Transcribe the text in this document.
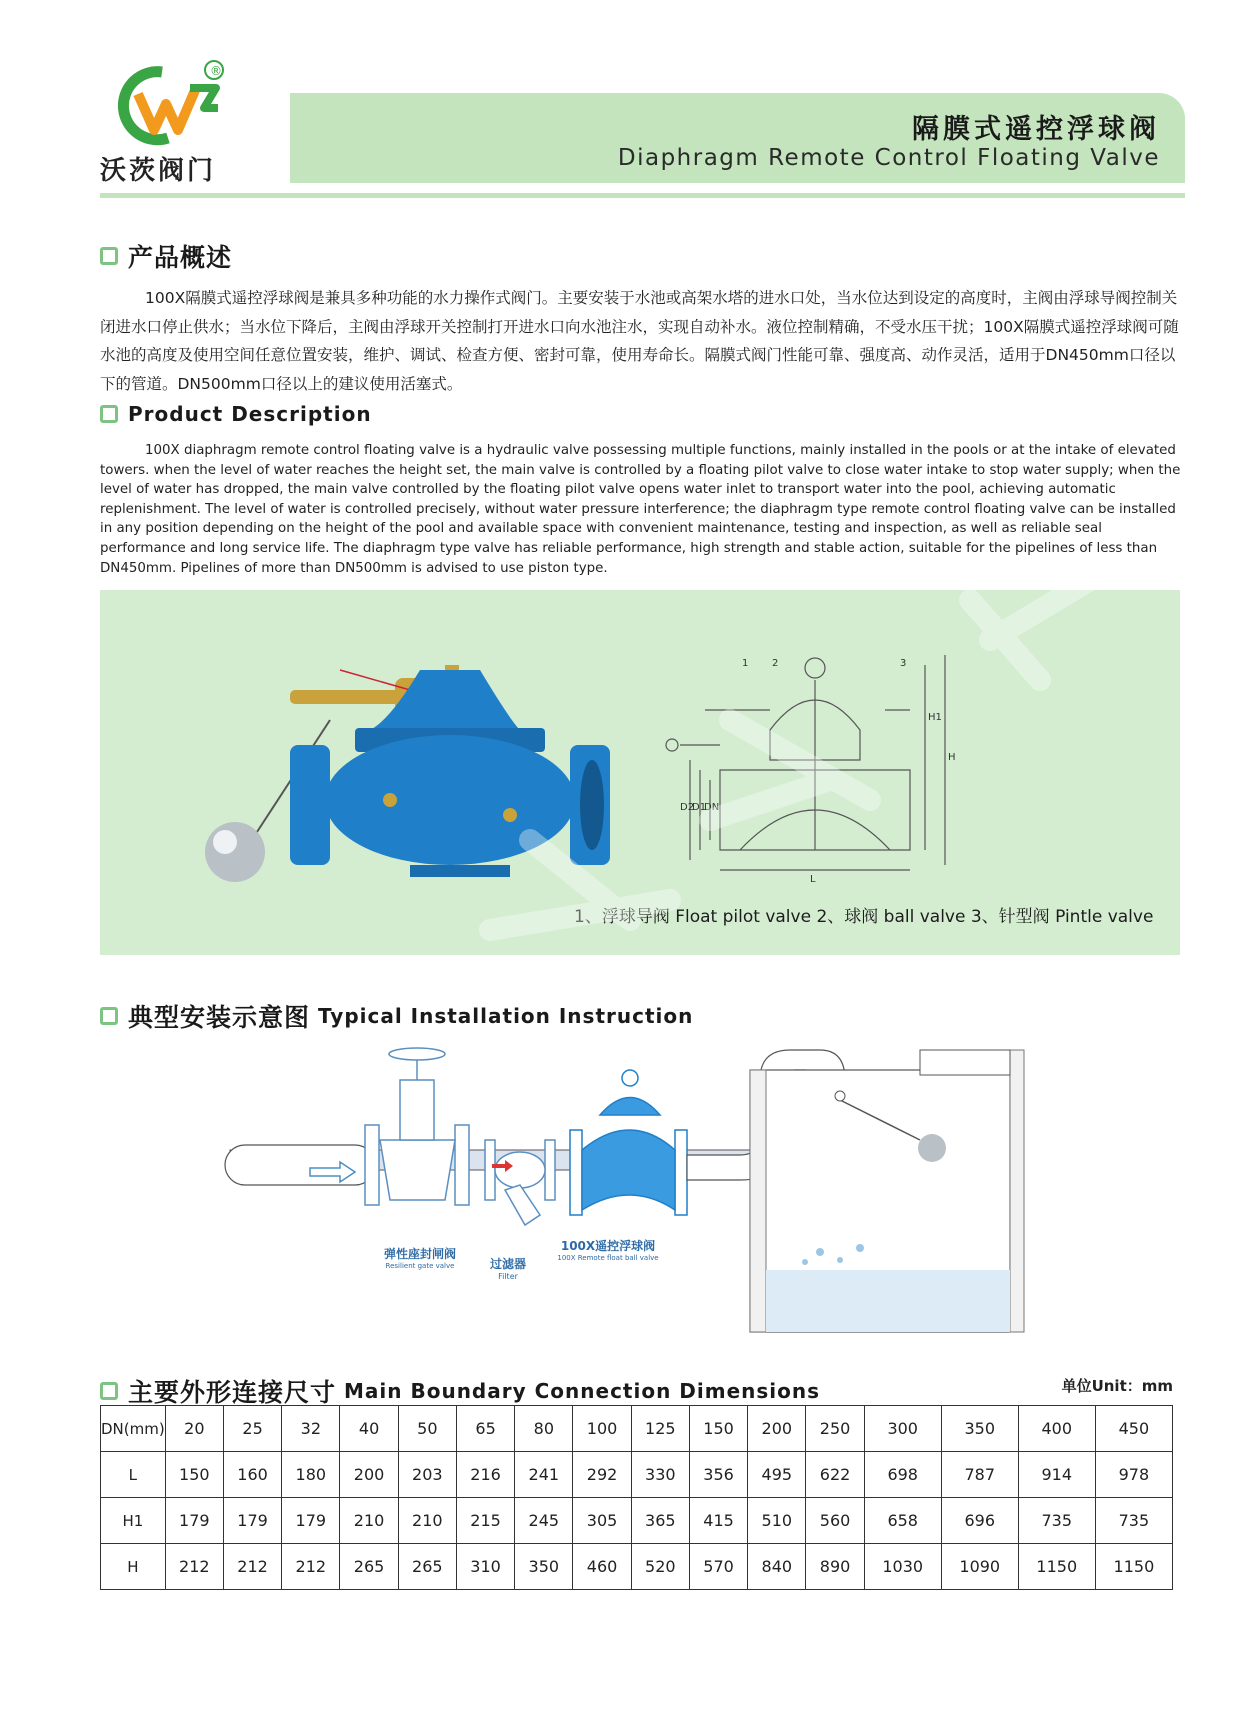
®
沃茨阀门
隔膜式遥控浮球阀
Diaphragm Remote Control Floating Valve
产品概述
100X隔膜式遥控浮球阀是兼具多种功能的水力操作式阀门。主要安装于水池或高架水塔的进水口处，当水位达到设定的高度时，主阀由浮球导阀控制关闭进水口停止供水；当水位下降后，主阀由浮球开关控制打开进水口向水池注水，实现自动补水。液位控制精确，不受水压干扰；100X隔膜式遥控浮球阀可随水池的高度及使用空间任意位置安装，维护、调试、检查方便、密封可靠，使用寿命长。隔膜式阀门性能可靠、强度高、动作灵活，适用于DN450mm口径以下的管道。DN500mm口径以上的建议使用活塞式。
Product Description
100X diaphragm remote control floating valve is a hydraulic valve possessing multiple functions, mainly installed in the pools or at the intake of elevated towers. when the level of water reaches the height set, the main valve is controlled by a floating pilot valve to close water intake to stop water supply; when the level of water has dropped, the main valve controlled by the floating pilot valve opens water inlet to transport water into the pool, achieving automatic replenishment. The level of water is controlled precisely, without water pressure interference; the diaphragm type remote control floating valve can be installed in any position depending on the height of the pool and available space with convenient maintenance, testing and inspection, as well as reliable seal performance and long service life. The diaphragm type valve has reliable performance, high strength and stable action, suitable for the pipelines of less than DN450mm. Pipelines of more than DN500mm is advised to use piston type.
1 2	3
H1
H
D2
D1
DN
L
1、浮球导阀 Float pilot valve 2、球阀 ball valve 3、针型阀 Pintle valve
典型安装示意图 Typical Installation Instruction
弹性座封闸阀
Resilient gate valve	过滤器
Filter
100X遥控浮球阀
100X Remote float ball valve
主要外形连接尺寸 Main Boundary Connection Dimensions	单位Unit：mm
DN(mm)	20	25	32	40	50	65	80	100	125	150	200	250	300	350	400	450
L	150	160	180	200	203	216	241	292	330	356	495	622	698	787	914	978
H1	179	179	179	210	210	215	245	305	365	415	510	560	658	696	735	735
H	212	212	212	265	265	310	350	460	520	570	840	890	1030	1090	1150	1150
